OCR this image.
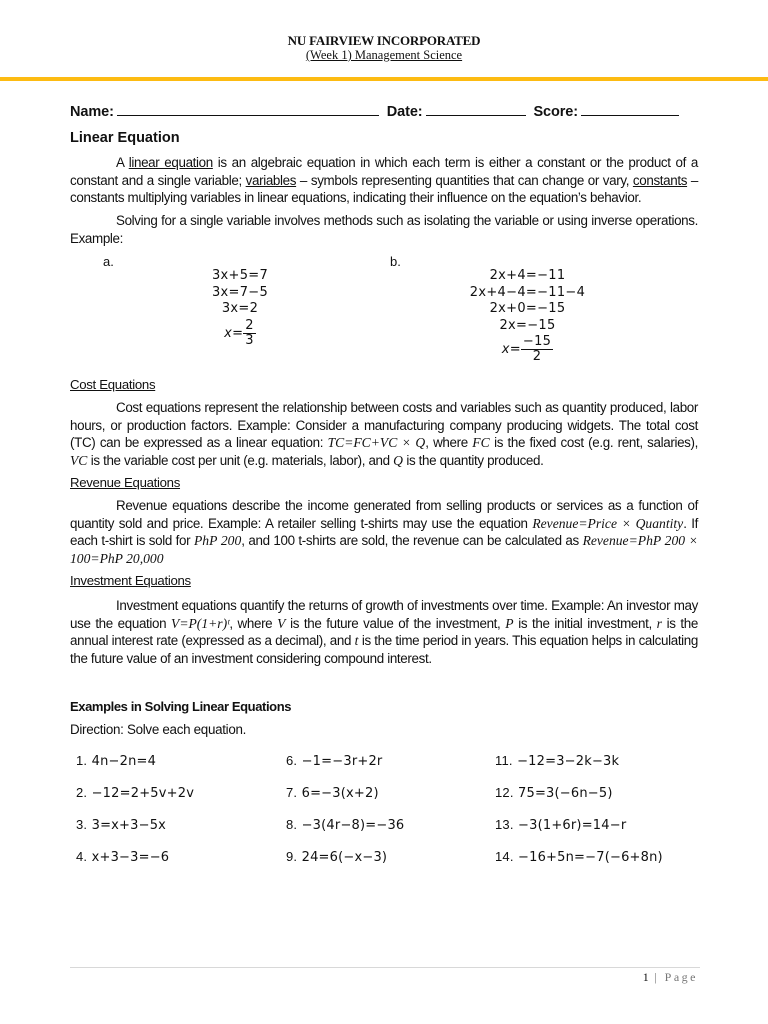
NU FAIRVIEW INCORPORATED
(Week 1) Management Science
Name:	Date:	Score:
Linear Equation
A linear equation is an algebraic equation in which each term is either a constant or the product of a constant and a single variable; variables – symbols representing quantities that can change or vary, constants – constants multiplying variables in linear equations, indicating their influence on the equation’s behavior.
Solving for a single variable involves methods such as isolating the variable or using inverse operations. Example:
a.	b.
3x+5=7
3x=7−5
3x=2
$x= \frac{2}{3}$
2x+4=−11
2x+4−4=−11−4
2x+0=−15
2x=−15
$x= \frac{-15}{2}$
Cost Equations
Cost equations represent the relationship between costs and variables such as quantity produced, labor hours, or production factors. Example: Consider a manufacturing company producing widgets. The total cost (TC) can be expressed as a linear equation: TC=FC+VC × Q, where FC is the fixed cost (e.g. rent, salaries), VC is the variable cost per unit (e.g. materials, labor), and Q is the quantity produced.
Revenue Equations
Revenue equations describe the income generated from selling products or services as a function of quantity sold and price. Example: A retailer selling t-shirts may use the equation Revenue=Price × Quantity. If each t-shirt is sold for PhP 200, and 100 t-shirts are sold, the revenue can be calculated as Revenue=PhP 200 × 100=PhP 20,000
Investment Equations
Investment equations quantify the returns of growth of investments over time. Example: An investor may use the equation V=P(1+r)ᵗ, where V is the future value of the investment, P is the initial investment, r is the annual interest rate (expressed as a decimal), and t is the time period in years. This equation helps in calculating the future value of an investment considering compound interest.
Examples in Solving Linear Equations
Direction: Solve each equation.
1. 4n−2n=4
2. −12=2+5v+2v
3. 3=x+3−5x
4. x+3−3=−6
6. −1=−3r+2r
7. 6=−3(x+2)
8. −3(4r−8)=−36
9. 24=6(−x−3)
11. −12=3−2k−3k
12. 75=3(−6n−5)
13. −3(1+6r)=14−r
14. −16+5n=−7(−6+8n)
1 | Page
